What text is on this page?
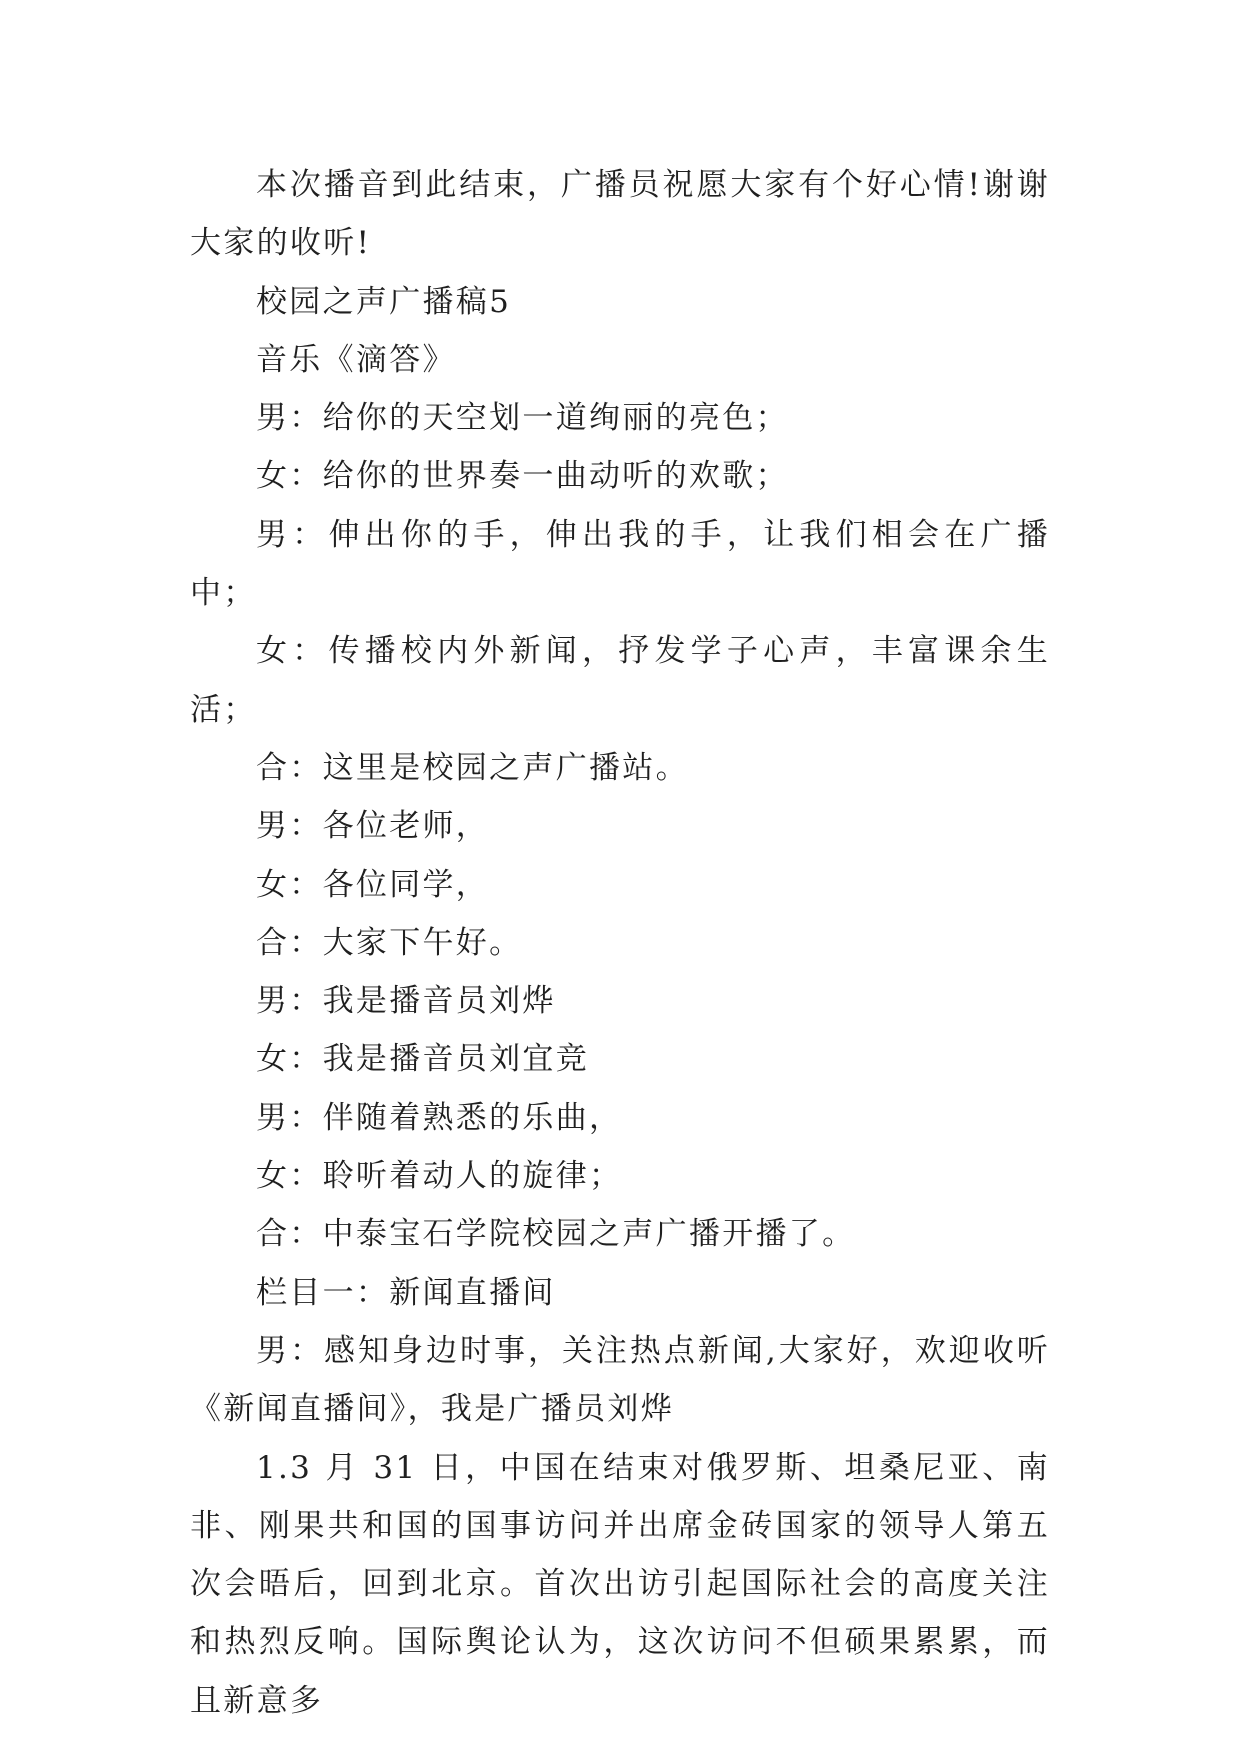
本次播音到此结束，广播员祝愿大家有个好心情!谢谢大家的收听!

校园之声广播稿5

音乐《滴答》

男：给你的天空划一道绚丽的亮色；

女：给你的世界奏一曲动听的欢歌；

男：伸出你的手，伸出我的手，让我们相会在广播中；

女：传播校内外新闻，抒发学子心声，丰富课余生活；

合：这里是校园之声广播站。

男：各位老师，

女：各位同学，

合：大家下午好。

男：我是播音员刘烨

女：我是播音员刘宜竞

男：伴随着熟悉的乐曲，

女：聆听着动人的旋律；

合：中泰宝石学院校园之声广播开播了。

栏目一：新闻直播间

男：感知身边时事，关注热点新闻,大家好，欢迎收听《新闻直播间》，我是广播员刘烨

1.3 月 31 日，中国在结束对俄罗斯、坦桑尼亚、南非、刚果共和国的国事访问并出席金砖国家的领导人第五次会晤后，回到北京。首次出访引起国际社会的高度关注和热烈反响。国际舆论认为，这次访问不但硕果累累，而且新意多
